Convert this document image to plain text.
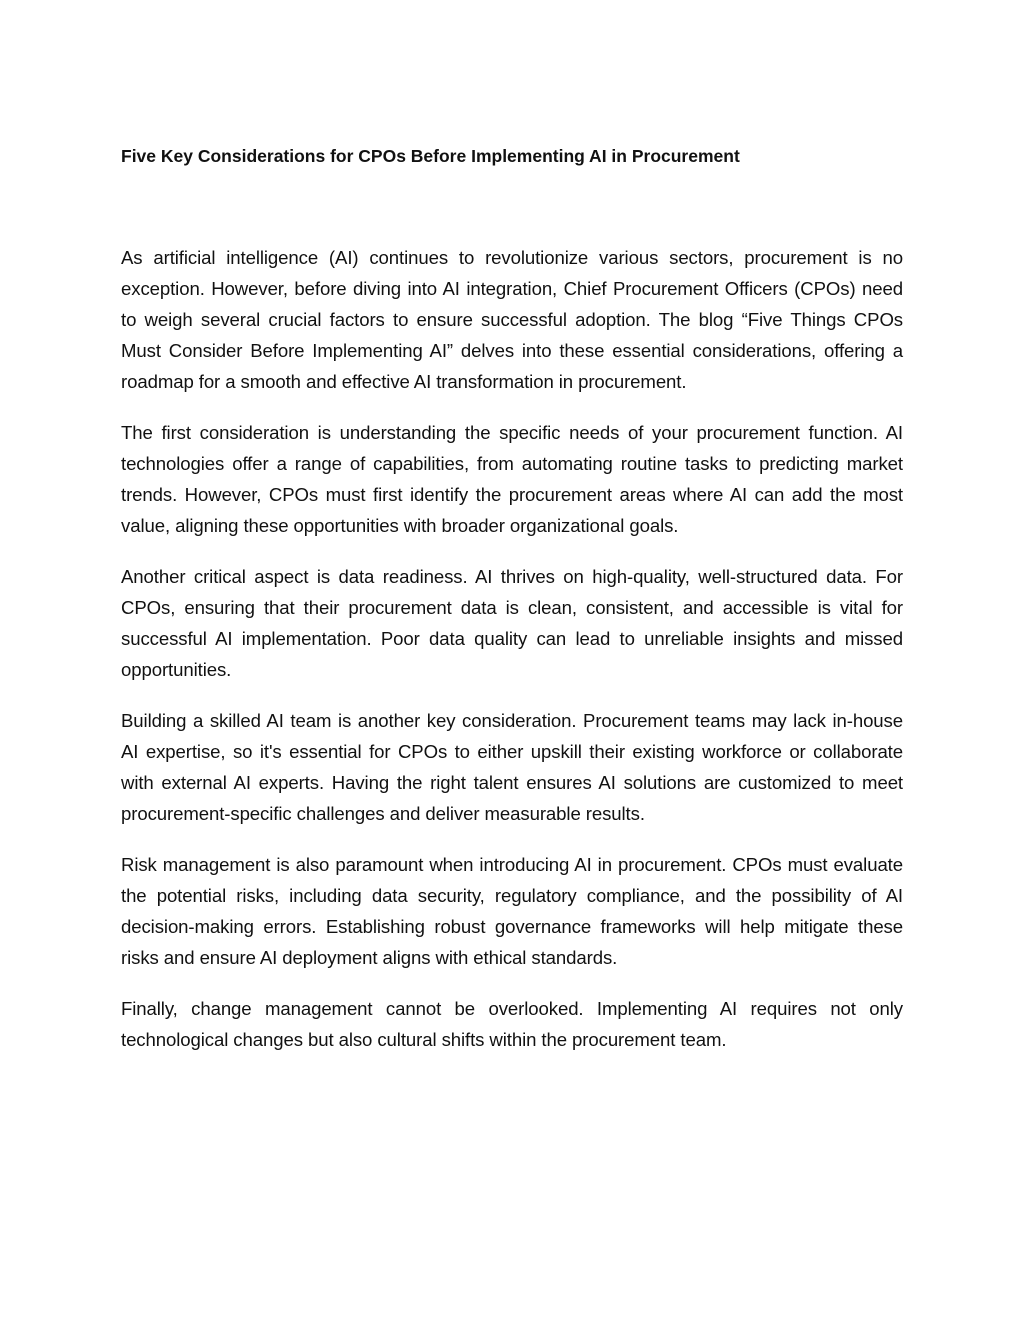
Five Key Considerations for CPOs Before Implementing AI in Procurement

As artificial intelligence (AI) continues to revolutionize various sectors, procurement is no exception. However, before diving into AI integration, Chief Procurement Officers (CPOs) need to weigh several crucial factors to ensure successful adoption. The blog “Five Things CPOs Must Consider Before Implementing AI” delves into these essential considerations, offering a roadmap for a smooth and effective AI transformation in procurement.

The first consideration is understanding the specific needs of your procurement function. AI technologies offer a range of capabilities, from automating routine tasks to predicting market trends. However, CPOs must first identify the procurement areas where AI can add the most value, aligning these opportunities with broader organizational goals.

Another critical aspect is data readiness. AI thrives on high-quality, well-structured data. For CPOs, ensuring that their procurement data is clean, consistent, and accessible is vital for successful AI implementation. Poor data quality can lead to unreliable insights and missed opportunities.

Building a skilled AI team is another key consideration. Procurement teams may lack in-house AI expertise, so it's essential for CPOs to either upskill their existing workforce or collaborate with external AI experts. Having the right talent ensures AI solutions are customized to meet procurement-specific challenges and deliver measurable results.

Risk management is also paramount when introducing AI in procurement. CPOs must evaluate the potential risks, including data security, regulatory compliance, and the possibility of AI decision-making errors. Establishing robust governance frameworks will help mitigate these risks and ensure AI deployment aligns with ethical standards.

Finally, change management cannot be overlooked. Implementing AI requires not only technological changes but also cultural shifts within the procurement team.
